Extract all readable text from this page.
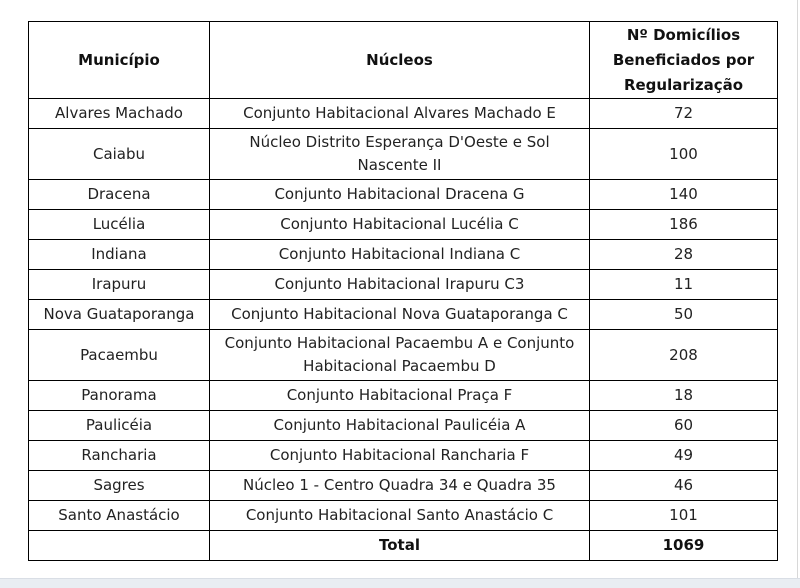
Município	Núcleos	Nº Domicílios Beneficiados por Regularização
Alvares Machado	Conjunto Habitacional Alvares Machado E	72
Caiabu	Núcleo Distrito Esperança D'Oeste e Sol Nascente II	100
Dracena	Conjunto Habitacional Dracena G	140
Lucélia	Conjunto Habitacional Lucélia C	186
Indiana	Conjunto Habitacional Indiana C	28
Irapuru	Conjunto Habitacional Irapuru C3	11
Nova Guataporanga	Conjunto Habitacional Nova Guataporanga C	50
Pacaembu	Conjunto Habitacional Pacaembu A e Conjunto Habitacional Pacaembu D	208
Panorama	Conjunto Habitacional Praça F	18
Paulicéia	Conjunto Habitacional Paulicéia A	60
Rancharia	Conjunto Habitacional Rancharia F	49
Sagres	Núcleo 1 - Centro Quadra 34 e Quadra 35	46
Santo Anastácio	Conjunto Habitacional Santo Anastácio C	101
	Total	1069
